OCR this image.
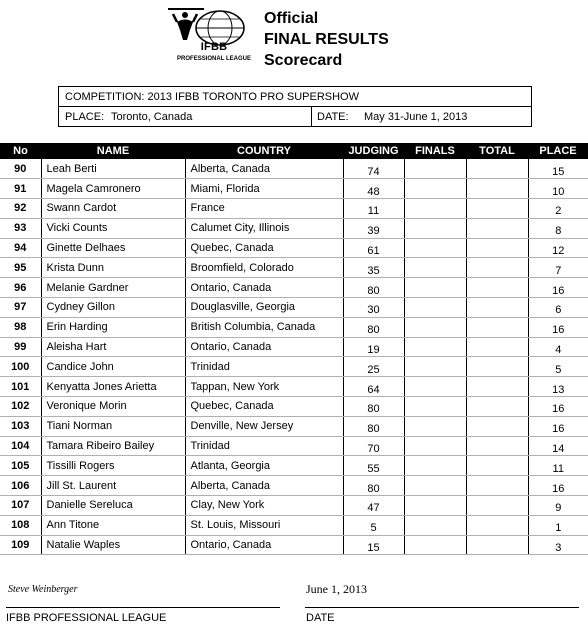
IFBB
PROFESSIONAL LEAGUE
Official
FINAL RESULTS
Scorecard
COMPETITION: 2013 IFBB TORONTO PRO SUPERSHOW
PLACE: Toronto, Canada	DATE: May 31-June 1, 2013
No	NAME	COUNTRY	JUDGING	FINALS	TOTAL	PLACE
90	Leah Berti	Alberta, Canada	74			15
91	Magela Camronero	Miami, Florida	48			10
92	Swann Cardot	France	11			2
93	Vicki Counts	Calumet City, Illinois	39			8
94	Ginette Delhaes	Quebec, Canada	61			12
95	Krista Dunn	Broomfield, Colorado	35			7
96	Melanie Gardner	Ontario, Canada	80			16
97	Cydney Gillon	Douglasville, Georgia	30			6
98	Erin Harding	British Columbia, Canada	80			16
99	Aleisha Hart	Ontario, Canada	19			4
100	Candice John	Trinidad	25			5
101	Kenyatta Jones Arietta	Tappan, New York	64			13
102	Veronique Morin	Quebec, Canada	80			16
103	Tiani Norman	Denville, New Jersey	80			16
104	Tamara Ribeiro Bailey	Trinidad	70			14
105	Tissilli Rogers	Atlanta, Georgia	55			11
106	Jill St. Laurent	Alberta, Canada	80			16
107	Danielle Sereluca	Clay, New York	47			9
108	Ann Titone	St. Louis, Missouri	5			1
109	Natalie Waples	Ontario, Canada	15			3
Steve Weinberger	June 1, 2013
IFBB PROFESSIONAL LEAGUE	DATE
